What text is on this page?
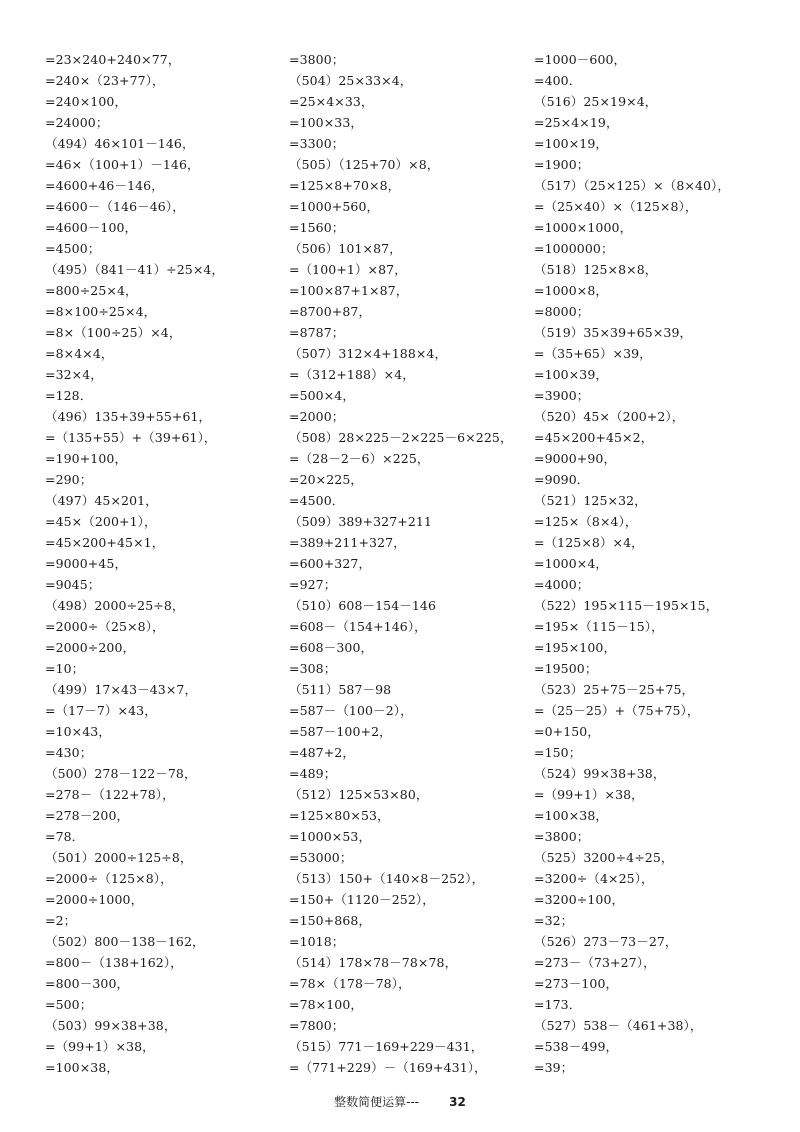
=23×240+240×77，
=240×（23+77），
=240×100，
=24000；
（494）46×101－146，
=46×（100+1）－146，
=4600+46－146，
=4600－（146－46），
=4600－100，
=4500；
（495）（841－41）÷25×4，
=800÷25×4，
=8×100÷25×4，
=8×（100÷25）×4，
=8×4×4，
=32×4，
=128．
（496）135+39+55+61，
=（135+55）+（39+61），
=190+100，
=290；
（497）45×201，
=45×（200+1），
=45×200+45×1，
=9000+45，
=9045；
（498）2000÷25÷8，
=2000÷（25×8），
=2000÷200，
=10；
（499）17×43－43×7，
=（17－7）×43，
=10×43，
=430；
（500）278－122－78，
=278－（122+78），
=278－200，
=78．
（501）2000÷125÷8，
=2000÷（125×8），
=2000÷1000，
=2；
（502）800－138－162，
=800－（138+162），
=800－300，
=500；
（503）99×38+38，
=（99+1）×38，
=100×38，
=3800；
（504）25×33×4，
=25×4×33，
=100×33，
=3300；
（505）（125+70）×8，
=125×8+70×8，
=1000+560，
=1560；
（506）101×87，
=（100+1）×87，
=100×87+1×87，
=8700+87，
=8787；
（507）312×4+188×4，
=（312+188）×4，
=500×4，
=2000；
（508）28×225－2×225－6×225，
=（28－2－6）×225，
=20×225，
=4500．
（509）389+327+211
=389+211+327，
=600+327，
=927；
（510）608－154－146
=608－（154+146），
=608－300，
=308；
（511）587－98
=587－（100－2），
=587－100+2，
=487+2，
=489；
（512）125×53×80，
=125×80×53，
=1000×53，
=53000；
（513）150+（140×8－252），
=150+（1120－252），
=150+868，
=1018；
（514）178×78－78×78，
=78×（178－78），
=78×100，
=7800；
（515）771－169+229－431，
=（771+229）－（169+431），
=1000－600，
=400．
（516）25×19×4，
=25×4×19，
=100×19，
=1900；
（517）（25×125）×（8×40），
=（25×40）×（125×8），
=1000×1000，
=1000000；
（518）125×8×8，
=1000×8，
=8000；
（519）35×39+65×39，
=（35+65）×39，
=100×39，
=3900；
（520）45×（200+2），
=45×200+45×2，
=9000+90，
=9090．
（521）125×32，
=125×（8×4），
=（125×8）×4，
=1000×4，
=4000；
（522）195×115－195×15，
=195×（115－15），
=195×100，
=19500；
（523）25+75－25+75，
=（25－25）+（75+75），
=0+150，
=150；
（524）99×38+38，
=（99+1）×38，
=100×38，
=3800；
（525）3200÷4÷25，
=3200÷（4×25），
=3200÷100，
=32；
（526）273－73－27，
=273－（73+27），
=273－100，
=173．
（527）538－（461+38），
=538－499，
=39；
整数简便运算---	32
